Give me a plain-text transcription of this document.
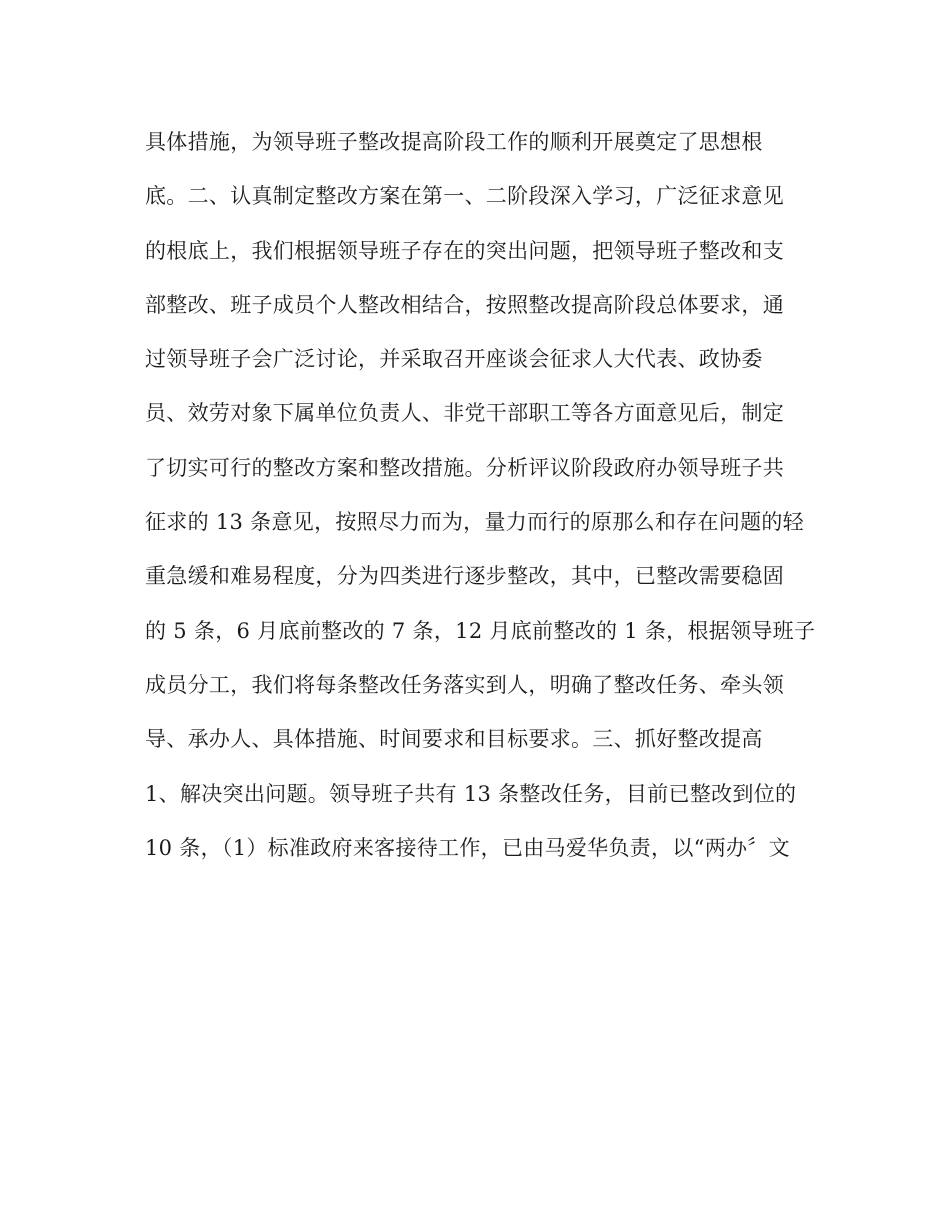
具体措施，为领导班子整改提高阶段工作的顺利开展奠定了思想根
底。二、认真制定整改方案在第一、二阶段深入学习，广泛征求意见
的根底上，我们根据领导班子存在的突出问题，把领导班子整改和支
部整改、班子成员个人整改相结合，按照整改提高阶段总体要求，通
过领导班子会广泛讨论，并采取召开座谈会征求人大代表、政协委
员、效劳对象下属单位负责人、非党干部职工等各方面意见后，制定
了切实可行的整改方案和整改措施。分析评议阶段政府办领导班子共
征求的 13 条意见，按照尽力而为，量力而行的原那么和存在问题的轻
重急缓和难易程度，分为四类进行逐步整改，其中，已整改需要稳固
的 5 条，6 月底前整改的 7 条，12 月底前整改的 1 条，根据领导班子
成员分工，我们将每条整改任务落实到人，明确了整改任务、牵头领
导、承办人、具体措施、时间要求和目标要求。三、抓好整改提高
1、解决突出问题。领导班子共有 13 条整改任务，目前已整改到位的
10 条，（1）标准政府来客接待工作，已由马爱华负责，以“两办〞文
